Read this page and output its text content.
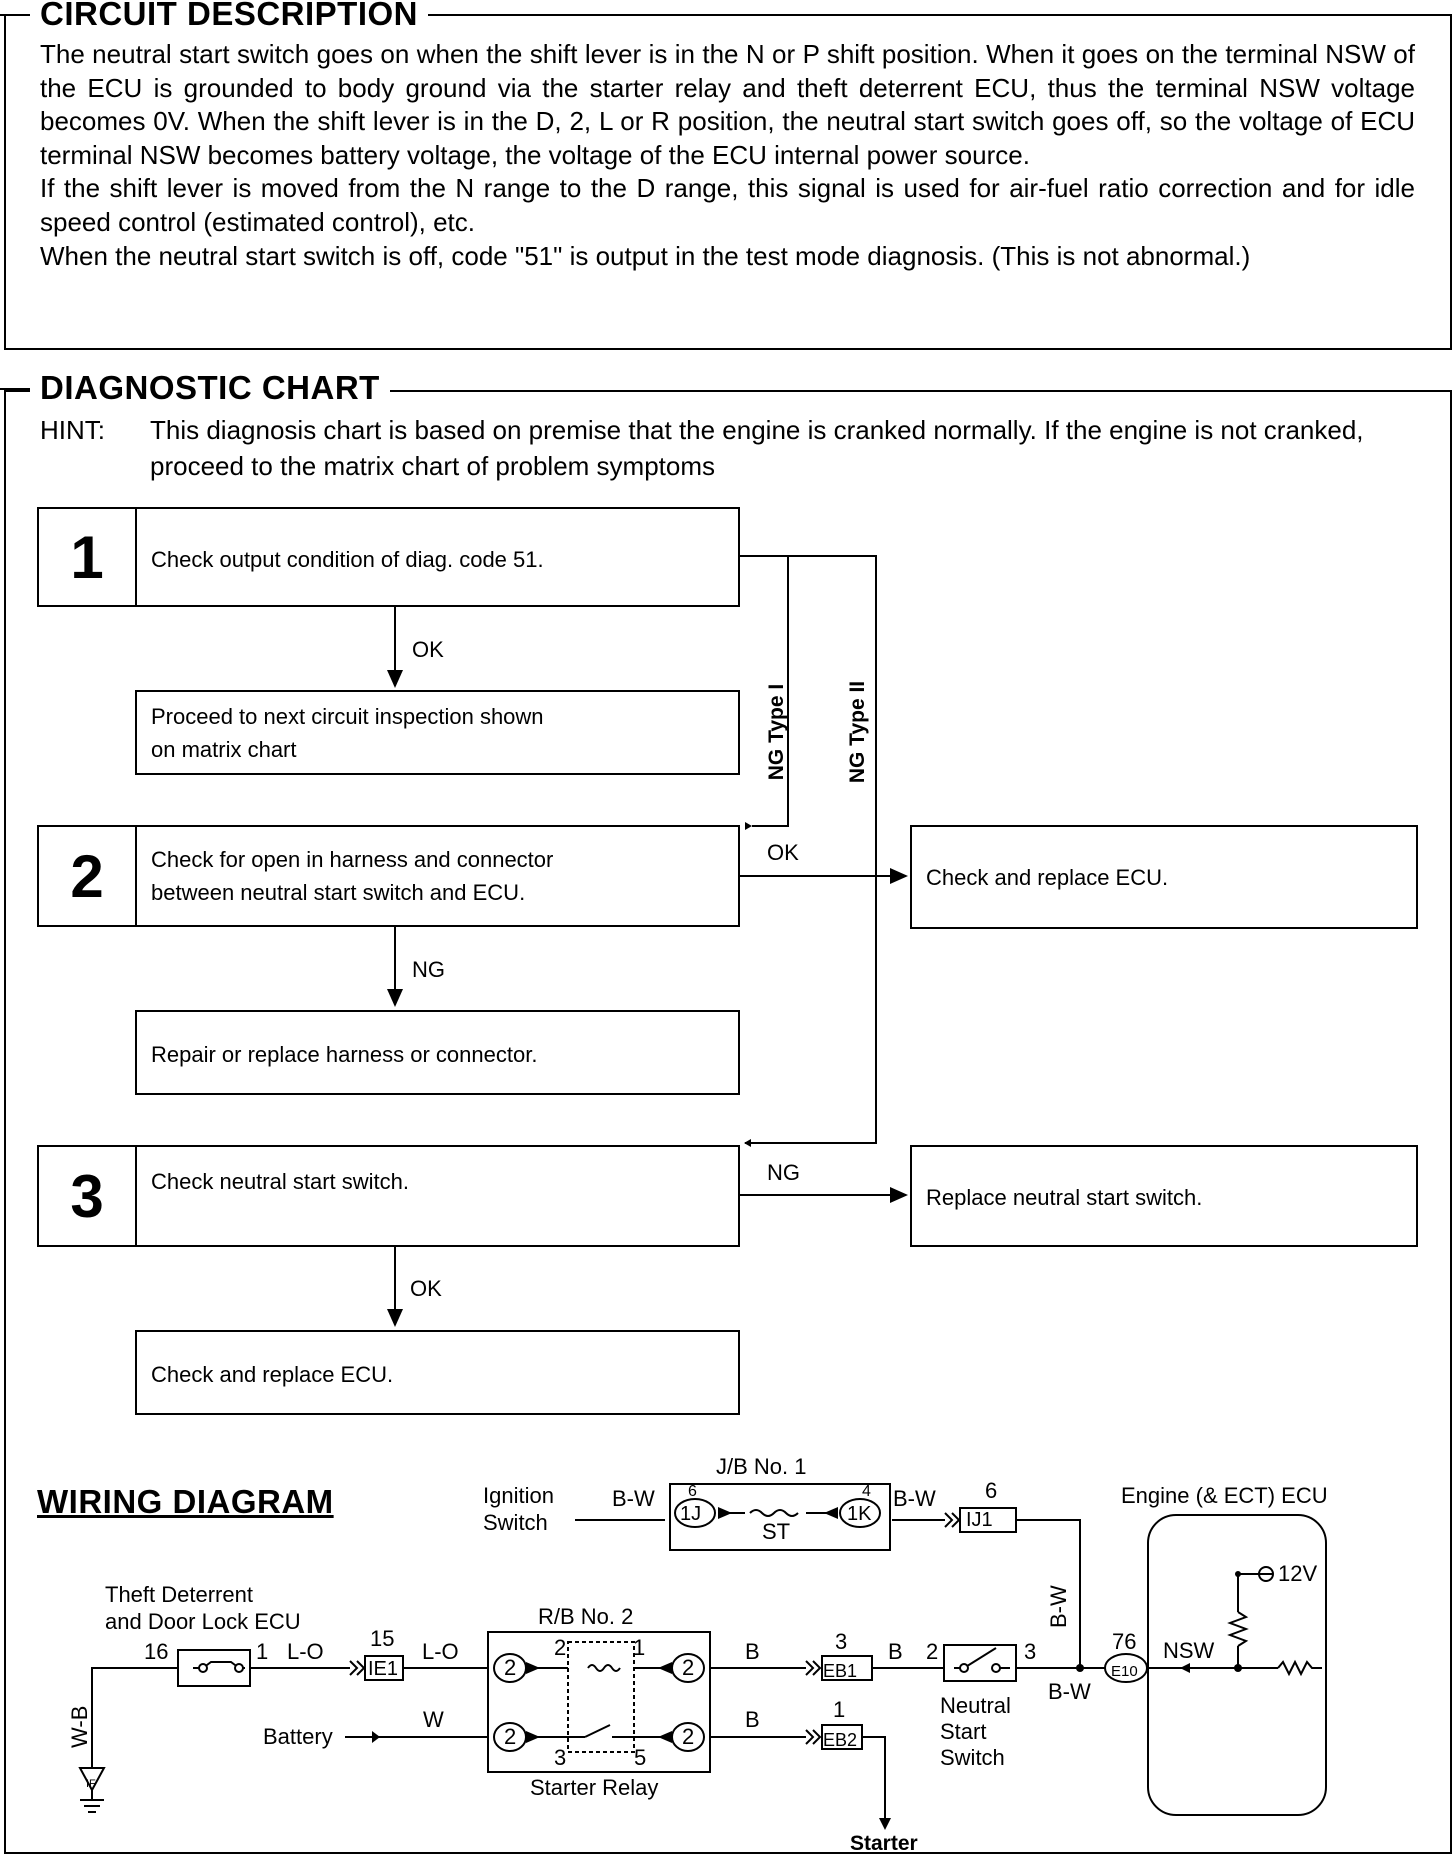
CIRCUIT DESCRIPTION

The neutral start switch goes on when the shift lever is in the N or P shift position. When it goes on the terminal NSW of the ECU is grounded to body ground via the starter relay and theft deterrent ECU, thus the terminal NSW voltage becomes 0V. When the shift lever is in the D, 2, L or R position, the neutral start switch goes off, so the voltage of ECU terminal NSW becomes battery voltage, the voltage of the ECU internal power source.

If the shift lever is moved from the N range to the D range, this signal is used for air-fuel ratio correction and for idle speed control (estimated control), etc.

When the neutral start switch is off, code "51" is output in the test mode diagnosis. (This is not abnormal.)

DIAGNOSTIC CHART
HINT: This diagnosis chart is based on premise that the engine is cranked normally. If the engine is not cranked, proceed to the matrix chart of problem symptoms
1 Check output condition of diag. code 51.
OK
NG Type I	NG Type II
Proceed to next circuit inspection shown
on matrix chart
2 Check for open in harness and connector
between neutral start switch and ECU.
OK
Check and replace ECU.
NG
Repair or replace harness or connector.
3 Check neutral start switch.	NG
Replace neutral start switch.
OK
Check and replace ECU.
WIRING DIAGRAM	Ignition
Switch
B-W
J/B No. 1
6
1J
4
1K
ST
B-W 6
IJ1
B-W
Engine (& ECT) ECU
12V
NSW
76
E10
B-W
Theft Deterrent
and Door Lock ECU
16	1 L-O
15
IE1
L-O
R/B No. 2
2	2
2	2
2	1
3	5
Starter Relay
B	3
EB1
B 2	3
Neutral
Start
Switch
Battery
W	B	1
EB2
Starter
W-B
IF
